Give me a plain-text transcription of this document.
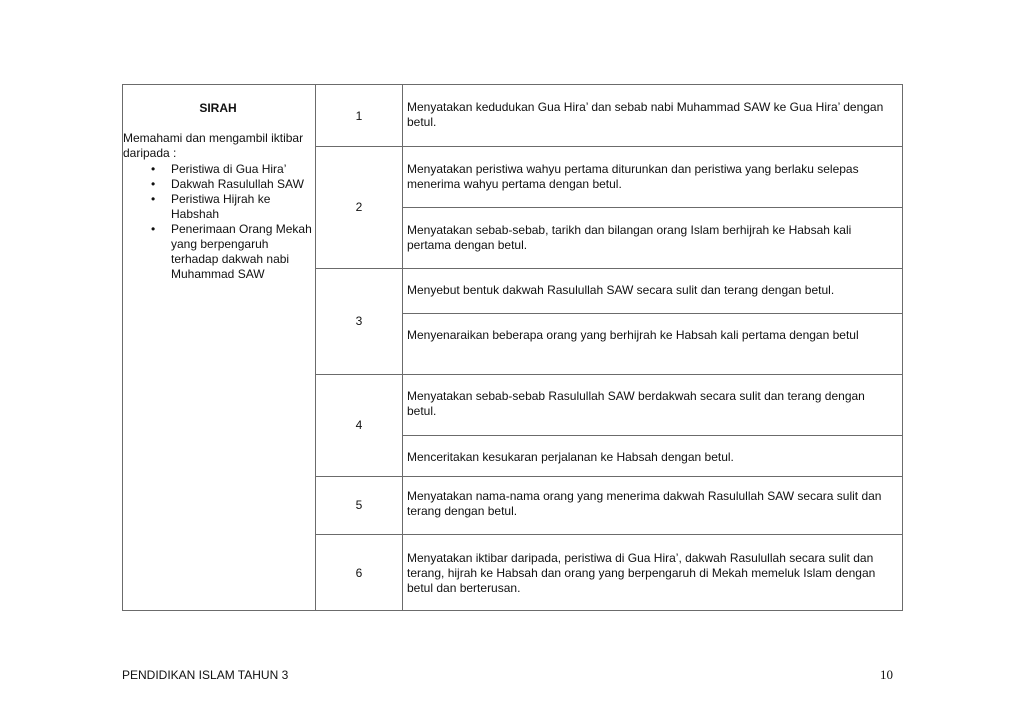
SIRAH
Memahami dan mengambil iktibar daripada :
• Peristiwa di Gua Hira’
• Dakwah Rasulullah SAW
• Peristiwa Hijrah ke Habshah
• Penerimaan Orang Mekah yang berpengaruh terhadap dakwah nabi Muhammad SAW
1
2
3
4
5
6
Menyatakan kedudukan Gua Hira’ dan sebab nabi Muhammad SAW ke Gua Hira’ dengan betul.
Menyatakan peristiwa wahyu pertama diturunkan dan peristiwa yang berlaku selepas menerima wahyu pertama dengan betul.
Menyatakan sebab-sebab, tarikh dan bilangan orang Islam berhijrah ke Habsah kali pertama dengan betul.
Menyebut bentuk dakwah Rasulullah SAW secara sulit dan terang dengan betul.
Menyenaraikan beberapa orang yang berhijrah ke Habsah kali pertama dengan betul
Menyatakan sebab-sebab Rasulullah SAW berdakwah secara sulit dan terang dengan betul.
Menceritakan kesukaran perjalanan ke Habsah dengan betul.
Menyatakan nama-nama orang yang menerima dakwah Rasulullah SAW secara sulit dan terang dengan betul.
Menyatakan iktibar daripada, peristiwa di Gua Hira’, dakwah Rasulullah secara sulit dan terang, hijrah ke Habsah dan orang yang berpengaruh di Mekah memeluk Islam dengan betul dan berterusan.
PENDIDIKAN ISLAM TAHUN 3	10
